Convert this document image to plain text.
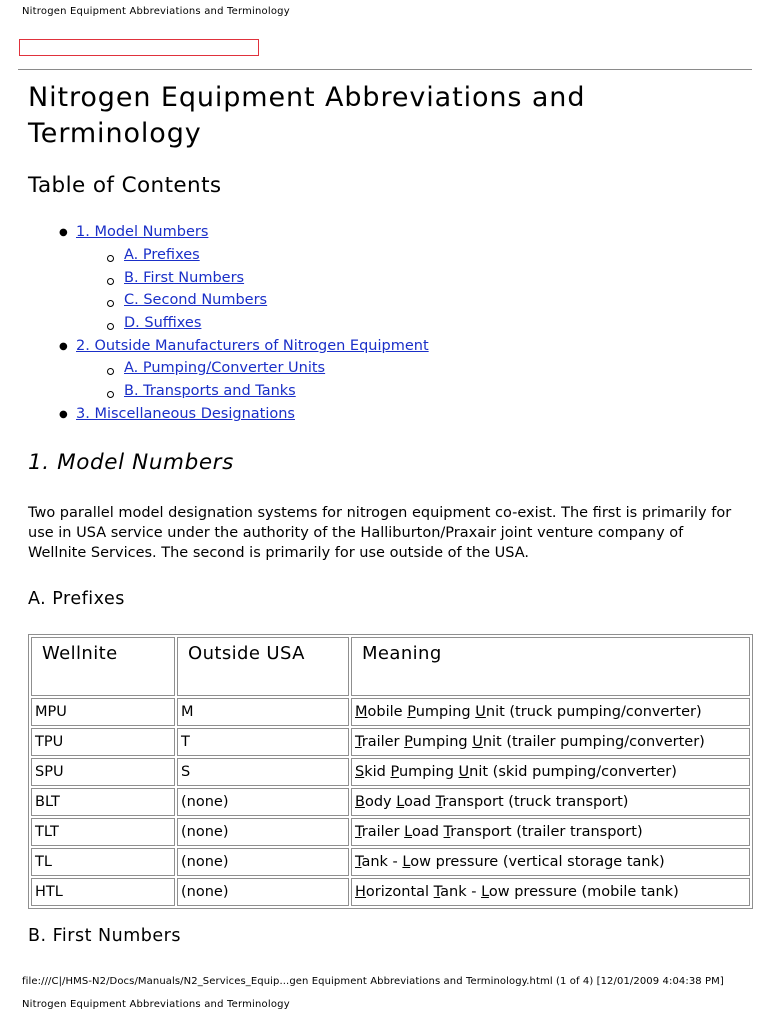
Nitrogen Equipment Abbreviations and Terminology
Nitrogen Equipment Abbreviations and Terminology
Table of Contents
● 1. Model Numbers
A. Prefixes
B. First Numbers
C. Second Numbers
D. Suffixes
● 2. Outside Manufacturers of Nitrogen Equipment
A. Pumping/Converter Units
B. Transports and Tanks
● 3. Miscellaneous Designations
1. Model Numbers

Two parallel model designation systems for nitrogen equipment co-exist. The first is primarily for use in USA service under the authority of the Halliburton/Praxair joint venture company of Wellnite Services. The second is primarily for use outside of the USA.

A. Prefixes
Wellnite	Outside USA	Meaning
MPU	M	Mobile Pumping Unit (truck pumping/converter)
TPU	T	Trailer Pumping Unit (trailer pumping/converter)
SPU	S	Skid Pumping Unit (skid pumping/converter)
BLT	(none)	Body Load Transport (truck transport)
TLT	(none)	Trailer Load Transport (trailer transport)
TL	(none)	Tank - Low pressure (vertical storage tank)
HTL	(none)	Horizontal Tank - Low pressure (mobile tank)
B. First Numbers
file:///C|/HMS-N2/Docs/Manuals/N2_Services_Equip...gen Equipment Abbreviations and Terminology.html (1 of 4) [12/01/2009 4:04:38 PM]
Nitrogen Equipment Abbreviations and Terminology
